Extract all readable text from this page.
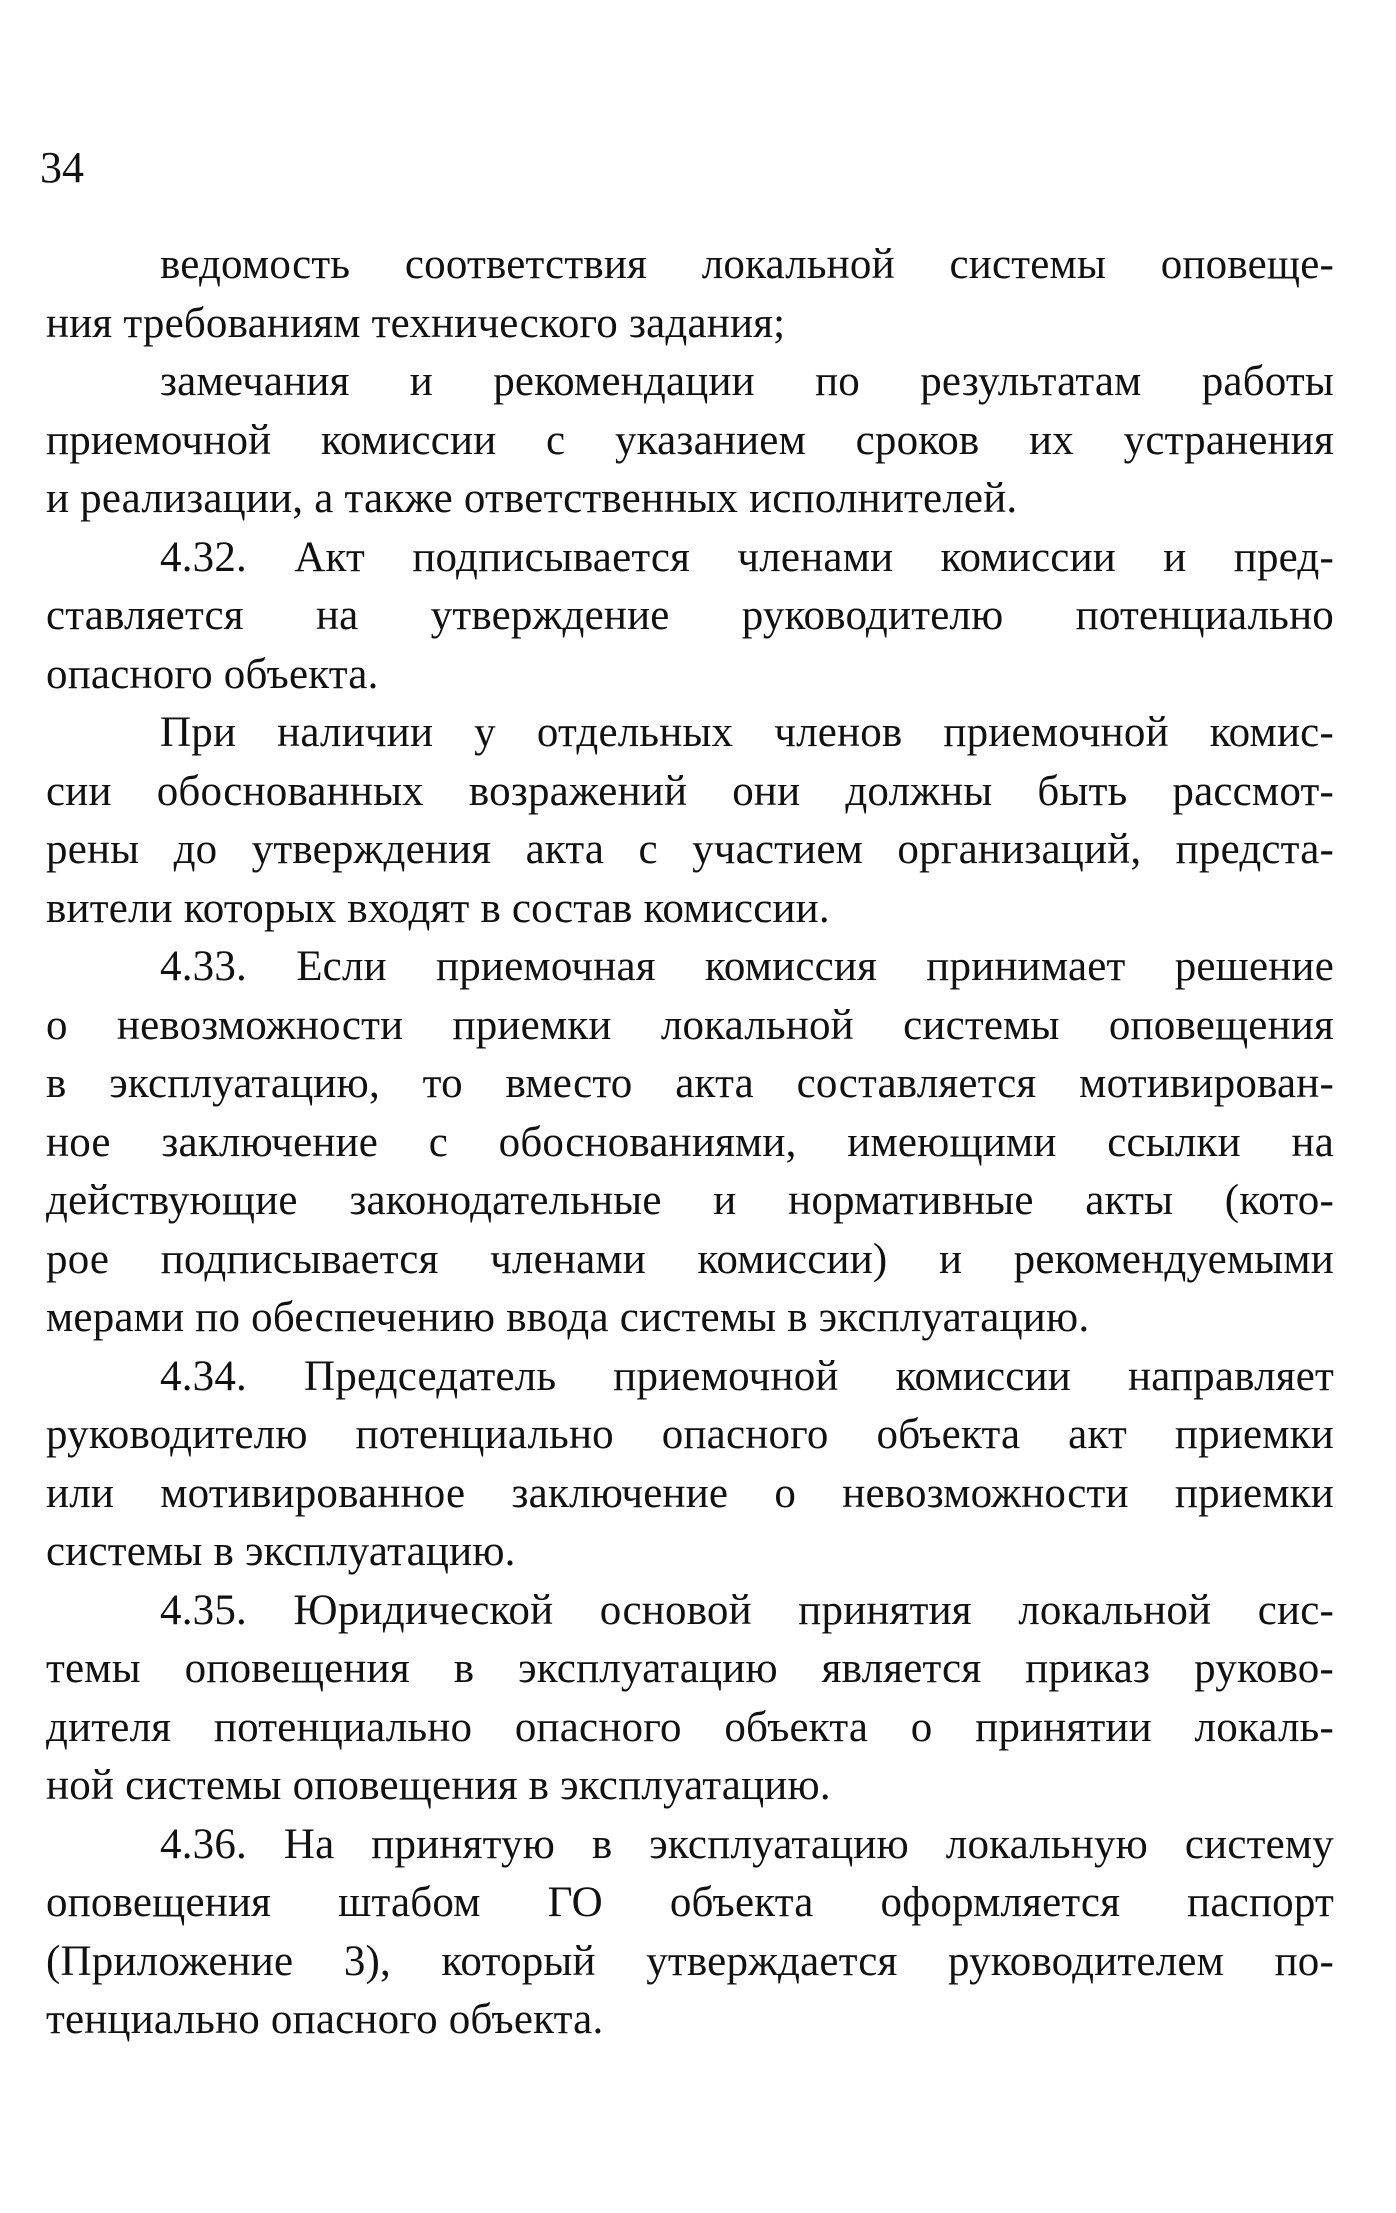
34

ведомость соответствия локальной системы оповеще-
ния требованиям технического задания;

замечания и рекомендации по результатам работы
приемочной комиссии с указанием сроков их устранения
и реализации, а также ответственных исполнителей.

4.32. Акт подписывается членами комиссии и пред-
ставляется на утверждение руководителю потенциально
опасного объекта.

При наличии у отдельных членов приемочной комис-
сии обоснованных возражений они должны быть рассмот-
рены до утверждения акта с участием организаций, предста-
вители которых входят в состав комиссии.

4.33. Если приемочная комиссия принимает решение
о невозможности приемки локальной системы оповещения
в эксплуатацию, то вместо акта составляется мотивирован-
ное заключение с обоснованиями, имеющими ссылки на
действующие законодательные и нормативные акты (кото-
рое подписывается членами комиссии) и рекомендуемыми
мерами по обеспечению ввода системы в эксплуатацию.

4.34. Председатель приемочной комиссии направляет
руководителю потенциально опасного объекта акт приемки
или мотивированное заключение о невозможности приемки
системы в эксплуатацию.

4.35. Юридической основой принятия локальной сис-
темы оповещения в эксплуатацию является приказ руково-
дителя потенциально опасного объекта о принятии локаль-
ной системы оповещения в эксплуатацию.

4.36. На принятую в эксплуатацию локальную систему
оповещения штабом ГО объекта оформляется паспорт
(Приложение 3), который утверждается руководителем по-
тенциально опасного объекта.
